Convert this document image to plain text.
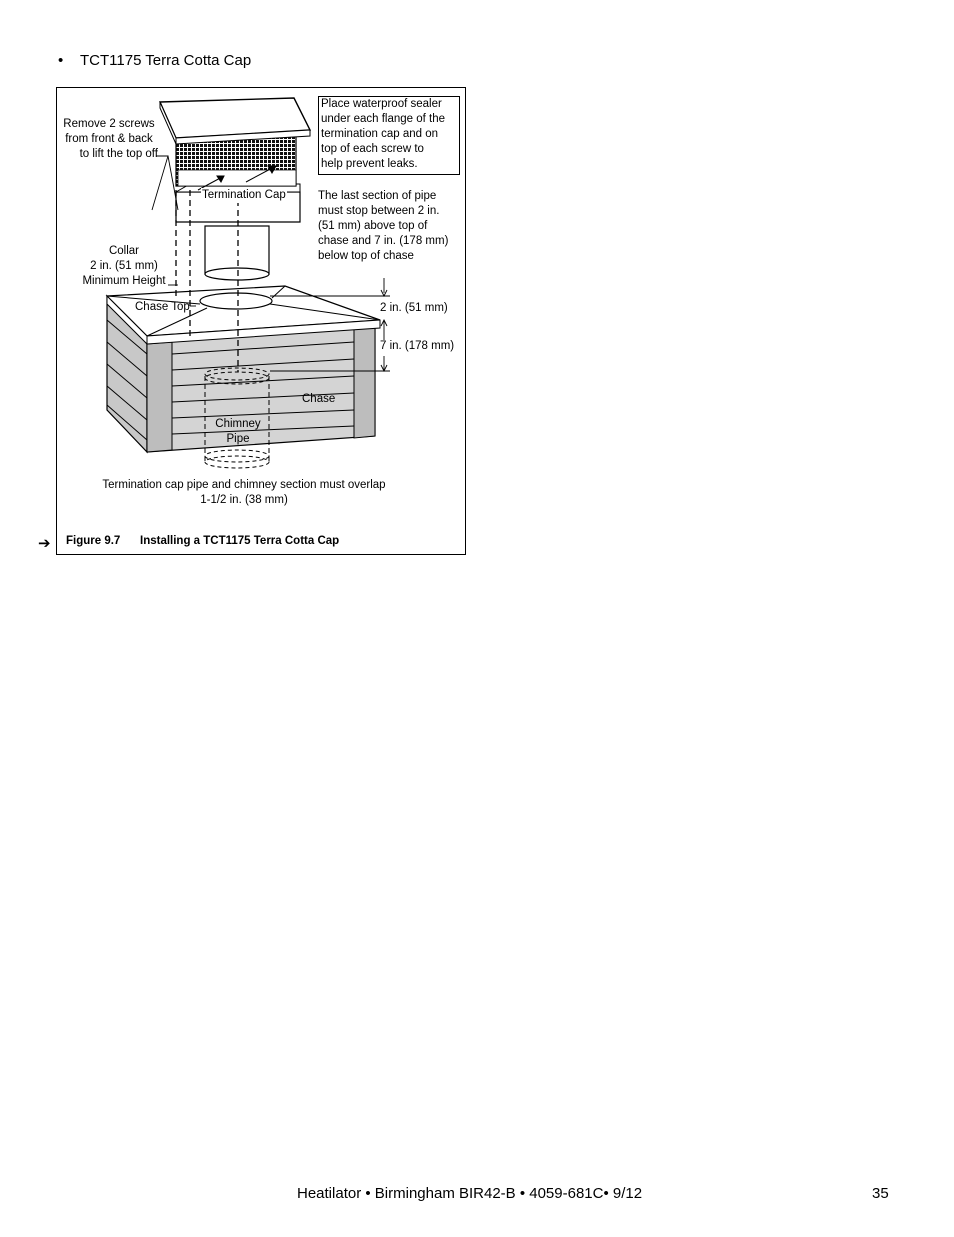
• TCT1175 Terra Cotta Cap
Remove 2 screws
from front & back
to lift the top off
Place waterproof sealer
under each flange of the
termination cap and on
top of each screw to
help prevent leaks.
Termination Cap	The last section of pipe
must stop between 2 in.
(51 mm) above top of
chase and 7 in. (178 mm)
below top of chase
Collar
2 in. (51 mm)
Minimum Height
Chase Top	2 in. (51 mm)
7 in. (178 mm)
Chase
Chimney
Pipe
Termination cap pipe and chimney section must overlap
1-1/2 in. (38 mm)
➔ Figure 9.7 Installing a TCT1175 Terra Cotta Cap
Heatilator • Birmingham BIR42-B • 4059-681C• 9/12	35
